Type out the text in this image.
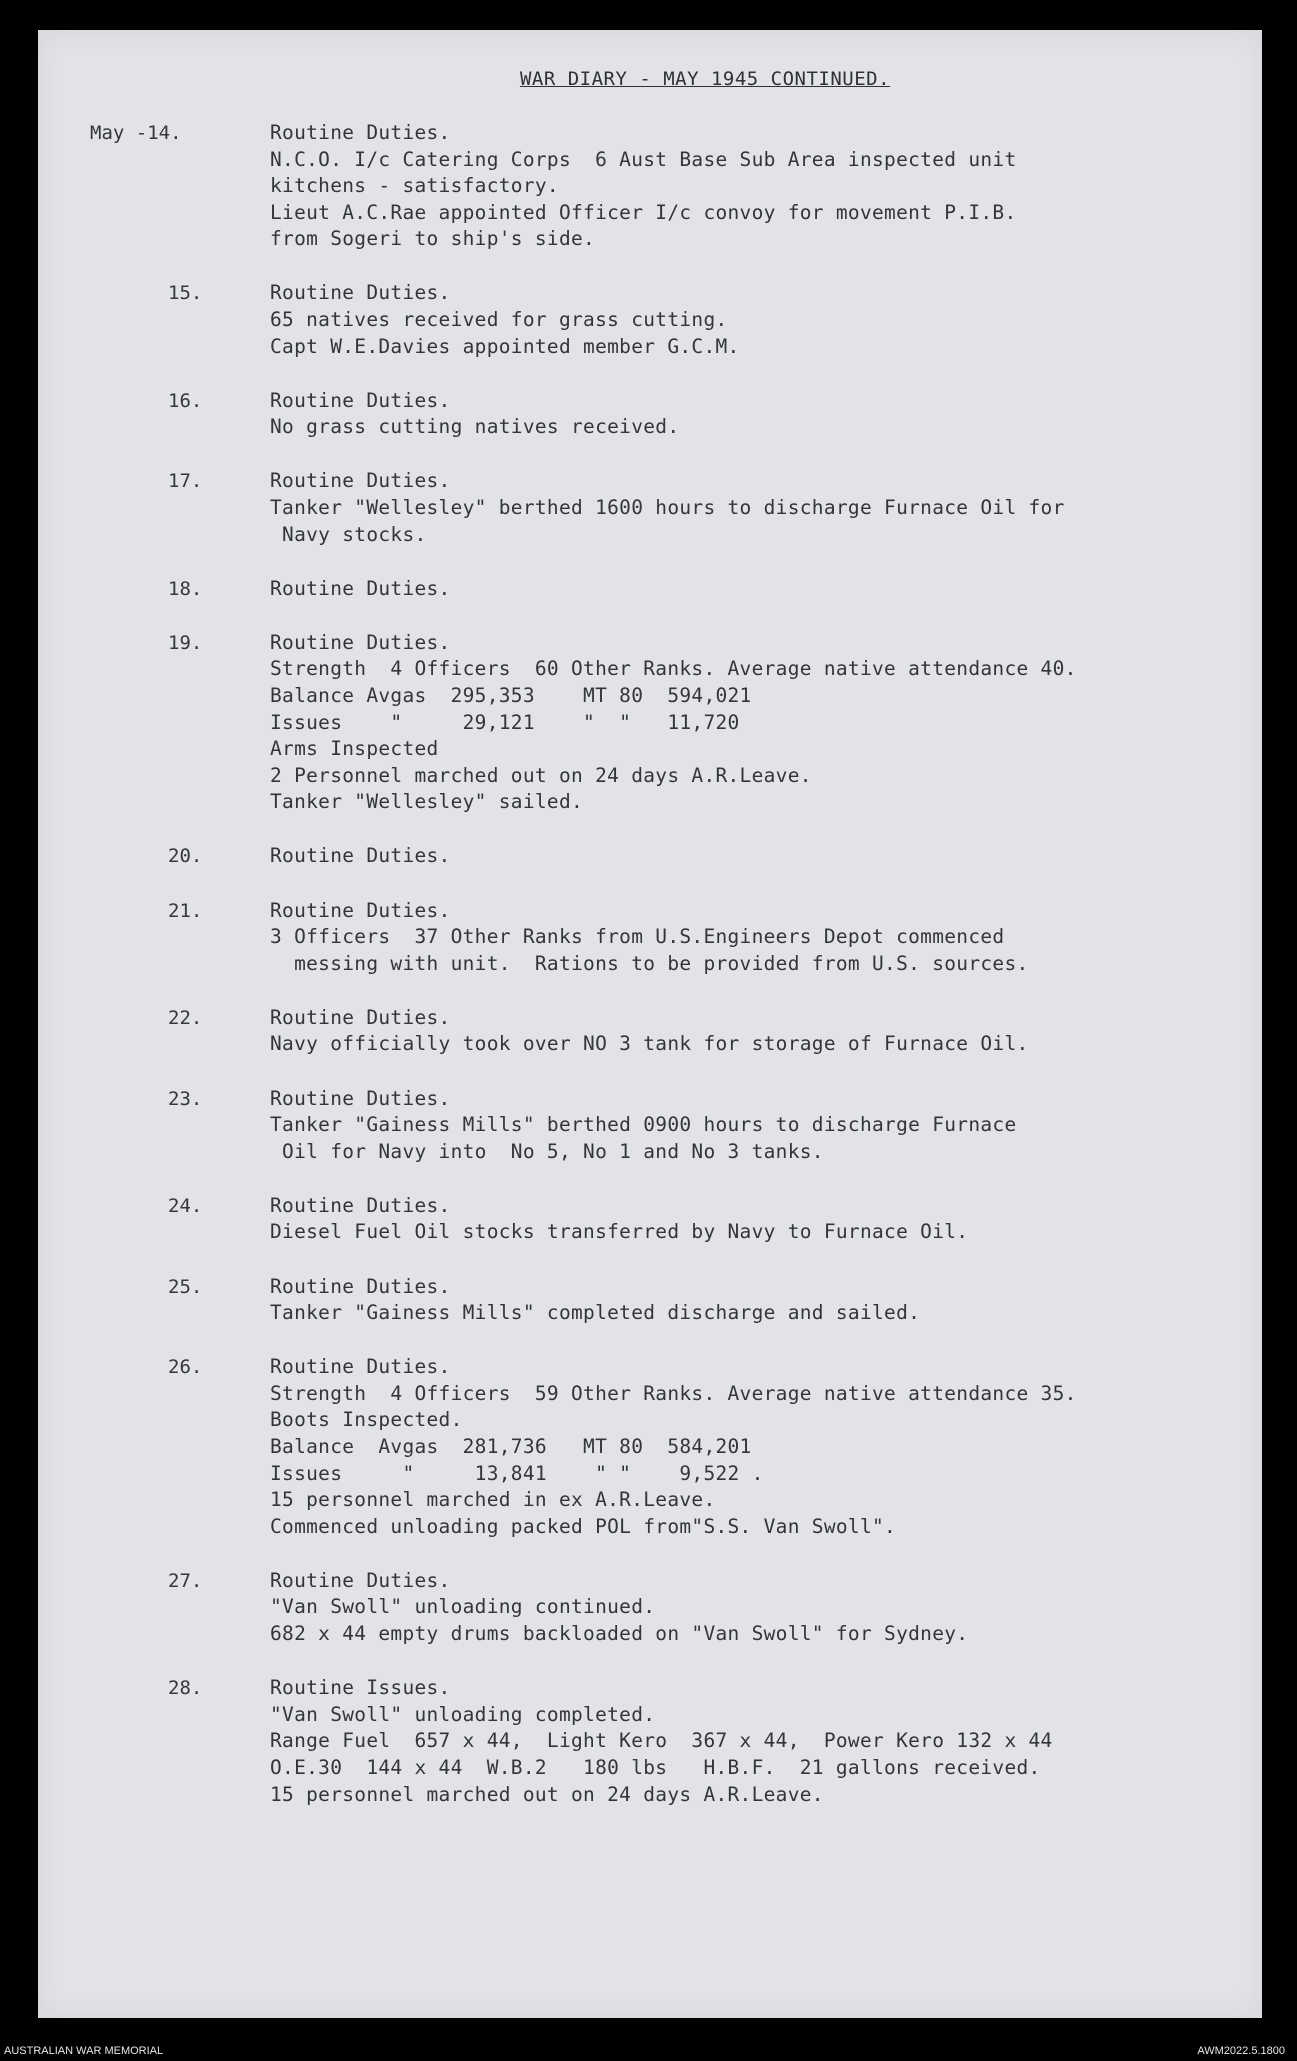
WAR DIARY - MAY 1945 CONTINUED.
May -14.	Routine Duties.
N.C.O. I/c Catering Corps  6 Aust Base Sub Area inspected unit
kitchens - satisfactory.
Lieut A.C.Rae appointed Officer I/c convoy for movement P.I.B.
from Sogeri to ship's side.
15.	Routine Duties.
65 natives received for grass cutting.
Capt W.E.Davies appointed member G.C.M.
16.	Routine Duties.
No grass cutting natives received.
17.	Routine Duties.
Tanker "Wellesley" berthed 1600 hours to discharge Furnace Oil for
Navy stocks.
18.	Routine Duties.
19.	Routine Duties.
Strength  4 Officers  60 Other Ranks. Average native attendance 40.
Balance Avgas  295,353    MT 80  594,021
Issues    "     29,121    "  "   11,720
Arms Inspected
2 Personnel marched out on 24 days A.R.Leave.
Tanker "Wellesley" sailed.
20.	Routine Duties.
21.	Routine Duties.
3 Officers  37 Other Ranks from U.S.Engineers Depot commenced
messing with unit.  Rations to be provided from U.S. sources.
22.	Routine Duties.
Navy officially took over NO 3 tank for storage of Furnace Oil.
23.	Routine Duties.
Tanker "Gainess Mills" berthed 0900 hours to discharge Furnace
Oil for Navy into  No 5, No 1 and No 3 tanks.
24.	Routine Duties.
Diesel Fuel Oil stocks transferred by Navy to Furnace Oil.
25.	Routine Duties.
Tanker "Gainess Mills" completed discharge and sailed.
26.	Routine Duties.
Strength  4 Officers  59 Other Ranks. Average native attendance 35.
Boots Inspected.
Balance  Avgas  281,736   MT 80  584,201
Issues     "     13,841    " "    9,522 .
15 personnel marched in ex A.R.Leave.
Commenced unloading packed POL from"S.S. Van Swoll".
27.	Routine Duties.
"Van Swoll" unloading continued.
682 x 44 empty drums backloaded on "Van Swoll" for Sydney.
28.	Routine Issues.
"Van Swoll" unloading completed.
Range Fuel  657 x 44,  Light Kero  367 x 44,  Power Kero 132 x 44
O.E.30  144 x 44  W.B.2   180 lbs   H.B.F.  21 gallons received.
15 personnel marched out on 24 days A.R.Leave.
AUSTRALIAN WAR MEMORIAL	AWM2022.5.1800
